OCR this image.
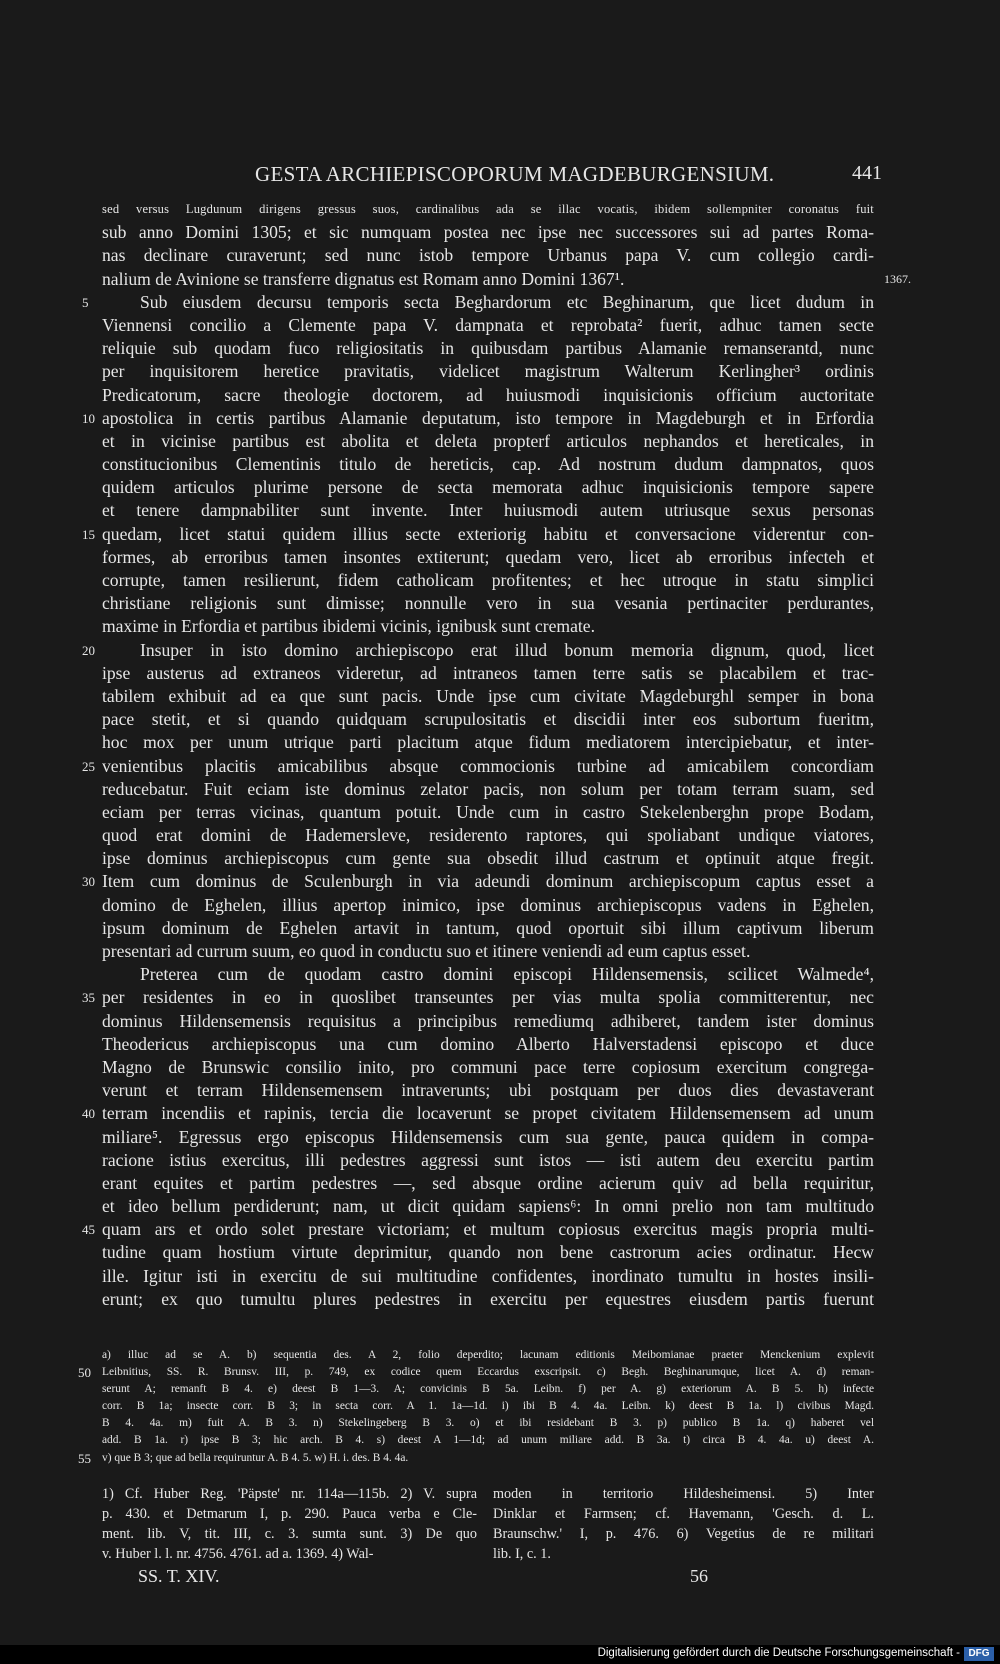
GESTA ARCHIEPISCOPORUM MAGDEBURGENSIUM.	441
sed versus Lugdunum dirigens gressus suos, cardinalibus ada se illac vocatis, ibidem sollempniter coronatus fuit
sub anno Domini 1305; et sic numquam postea nec ipse nec successores sui ad partes Roma-
nas declinare curaverunt; sed nunc istob tempore Urbanus papa V. cum collegio cardi-
nalium de Avinione se transferre dignatus est Romam anno Domini 1367¹.	1367.
5	Sub eiusdem decursu temporis secta Beghardorum etc Beghinarum, que licet dudum in
Viennensi concilio a Clemente papa V. dampnata et reprobata² fuerit, adhuc tamen secte
reliquie sub quodam fuco religiositatis in quibusdam partibus Alamanie remanserantd, nunc
per inquisitorem heretice pravitatis, videlicet magistrum Walterum Kerlingher³ ordinis
Predicatorum, sacre theologie doctorem, ad huiusmodi inquisicionis officium auctoritate
10 apostolica in certis partibus Alamanie deputatum, isto tempore in Magdeburgh et in Erfordia
et in vicinise partibus est abolita et deleta propterf articulos nephandos et hereticales, in
constitucionibus Clementinis titulo de hereticis, cap. Ad nostrum dudum dampnatos, quos
quidem articulos plurime persone de secta memorata adhuc inquisicionis tempore sapere
et tenere dampnabiliter sunt invente. Inter huiusmodi autem utriusque sexus personas
15 quedam, licet statui quidem illius secte exteriorig habitu et conversacione viderentur con-
formes, ab erroribus tamen insontes extiterunt; quedam vero, licet ab erroribus infecteh et
corrupte, tamen resilierunt, fidem catholicam profitentes; et hec utroque in statu simplici
christiane religionis sunt dimisse; nonnulle vero in sua vesania pertinaciter perdurantes,
maxime in Erfordia et partibus ibidemi vicinis, ignibusk sunt cremate.
20	Insuper in isto domino archiepiscopo erat illud bonum memoria dignum, quod, licet
ipse austerus ad extraneos videretur, ad intraneos tamen terre satis se placabilem et trac-
tabilem exhibuit ad ea que sunt pacis. Unde ipse cum civitate Magdeburghl semper in bona
pace stetit, et si quando quidquam scrupulositatis et discidii inter eos subortum fueritm,
hoc mox per unum utrique parti placitum atque fidum mediatorem intercipiebatur, et inter-
25 venientibus placitis amicabilibus absque commocionis turbine ad amicabilem concordiam
reducebatur. Fuit eciam iste dominus zelator pacis, non solum per totam terram suam, sed
eciam per terras vicinas, quantum potuit. Unde cum in castro Stekelenberghn prope Bodam,
quod erat domini de Hademersleve, residerento raptores, qui spoliabant undique viatores,
ipse dominus archiepiscopus cum gente sua obsedit illud castrum et optinuit atque fregit.
30 Item cum dominus de Sculenburgh in via adeundi dominum archiepiscopum captus esset a
domino de Eghelen, illius apertop inimico, ipse dominus archiepiscopus vadens in Eghelen,
ipsum dominum de Eghelen artavit in tantum, quod oportuit sibi illum captivum liberum
presentari ad currum suum, eo quod in conductu suo et itinere veniendi ad eum captus esset.
Preterea cum de quodam castro domini episcopi Hildensemensis, scilicet Walmede⁴,
35 per residentes in eo in quoslibet transeuntes per vias multa spolia committerentur, nec
dominus Hildensemensis requisitus a principibus remediumq adhiberet, tandem ister dominus
Theodericus archiepiscopus una cum domino Alberto Halverstadensi episcopo et duce
Magno de Brunswic consilio inito, pro communi pace terre copiosum exercitum congrega-
verunt et terram Hildensemensem intraverunts; ubi postquam per duos dies devastaverant
40 terram incendiis et rapinis, tercia die locaverunt se propet civitatem Hildensemensem ad unum
miliare⁵. Egressus ergo episcopus Hildensemensis cum sua gente, pauca quidem in compa-
racione istius exercitus, illi pedestres aggressi sunt istos — isti autem deu exercitu partim
erant equites et partim pedestres —, sed absque ordine acierum quiv ad bella requiritur,
et ideo bellum perdiderunt; nam, ut dicit quidam sapiens⁶: In omni prelio non tam multitudo
45 quam ars et ordo solet prestare victoriam; et multum copiosus exercitus magis propria multi-
tudine quam hostium virtute deprimitur, quando non bene castrorum acies ordinatur. Hecw
ille. Igitur isti in exercitu de sui multitudine confidentes, inordinato tumultu in hostes insili-
erunt; ex quo tumultu plures pedestres in exercitu per equestres eiusdem partis fuerunt
a) illuc ad se A. b) sequentia des. A 2, folio deperdito; lacunam editionis Meibomianae praeter Menckenium explevit
50 Leibnitius, SS. R. Brunsv. III, p. 749, ex codice quem Eccardus exscripsit. c) Begh. Beghinarumque, licet A. d) reman-
serunt A; remanft B 4. e) deest B 1—3. A; convicinis B 5a. Leibn. f) per A. g) exteriorum A. B 5. h) infecte
corr. B 1a; insecte corr. B 3; in secta corr. A 1. 1a—1d. i) ibi B 4. 4a. Leibn. k) deest B 1a. l) civibus Magd.
B 4. 4a. m) fuit A. B 3. n) Stekelingeberg B 3. o) et ibi residebant B 3. p) publico B 1a. q) haberet vel
add. B 1a. r) ipse B 3; hic arch. B 4. s) deest A 1—1d; ad unum miliare add. B 3a. t) circa B 4. 4a. u) deest A.
55 v) que B 3; que ad bella requiruntur A. B 4. 5. w) H. i. des. B 4. 4a.
1) Cf. Huber Reg. 'Päpste' nr. 114a—115b. 2) V. supra moden in territorio Hildesheimensi. 5) Inter
p. 430. et Detmarum I, p. 290. Pauca verba e Cle- Dinklar et Farmsen; cf. Havemann, 'Gesch. d. L.
ment. lib. V, tit. III, c. 3. sumta sunt. 3) De quo Braunschw.' I, p. 476. 6) Vegetius de re militari
v. Huber l. l. nr. 4756. 4761. ad a. 1369. 4) Wal-	lib. I, c. 1.
SS. T. XIV.	56
Digitalisierung gefördert durch die Deutsche Forschungsgemeinschaft - DFG
